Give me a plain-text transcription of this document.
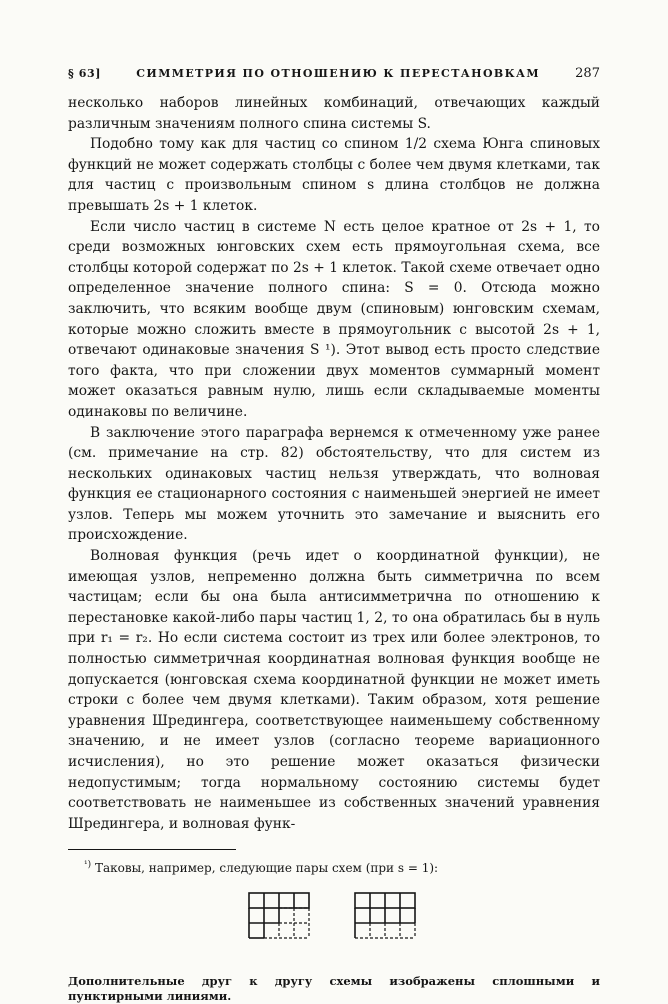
§ 63]	СИММЕТРИЯ ПО ОТНОШЕНИЮ К ПЕРЕСТАНОВКАМ	287

несколько наборов линейных комбинаций, отвечающих каждый различным значениям полного спина системы S.

Подобно тому как для частиц со спином 1/2 схема Юнга спиновых функций не может содержать столбцы с более чем двумя клетками, так для частиц с произвольным спином s длина столбцов не должна превышать 2s + 1 клеток.

Если число частиц в системе N есть целое кратное от 2s + 1, то среди возможных юнговских схем есть прямоугольная схема, все столбцы которой содержат по 2s + 1 клеток. Такой схеме отвечает одно определенное значение полного спина: S = 0. Отсюда можно заключить, что всяким вообще двум (спиновым) юнговским схемам, которые можно сложить вместе в прямоугольник с высотой 2s + 1, отвечают одинаковые значения S ¹). Этот вывод есть просто следствие того факта, что при сложении двух моментов суммарный момент может оказаться равным нулю, лишь если складываемые моменты одинаковы по величине.

В заключение этого параграфа вернемся к отмеченному уже ранее (см. примечание на стр. 82) обстоятельству, что для систем из нескольких одинаковых частиц нельзя утверждать, что волновая функция ее стационарного состояния с наименьшей энергией не имеет узлов. Теперь мы можем уточнить это замечание и выяснить его происхождение.

Волновая функция (речь идет о координатной функции), не имеющая узлов, непременно должна быть симметрична по всем частицам; если бы она была антисимметрична по отношению к перестановке какой-либо пары частиц 1, 2, то она обратилась бы в нуль при r₁ = r₂. Но если система состоит из трех или более электронов, то полностью симметричная координатная волновая функция вообще не допускается (юнговская схема координатной функции не может иметь строки с более чем двумя клетками). Таким образом, хотя решение уравнения Шредингера, соответствующее наименьшему собственному значению, и не имеет узлов (согласно теореме вариационного исчисления), но это решение может оказаться физически недопустимым; тогда нормальному состоянию системы будет соответствовать не наименьшее из собственных значений уравнения Шредингера, и волновая функ-

$^{^1)}$ Таковы, например, следующие пары схем (при s = 1):
Дополнительные друг к другу схемы изображены сплошными и пунктирными линиями.
